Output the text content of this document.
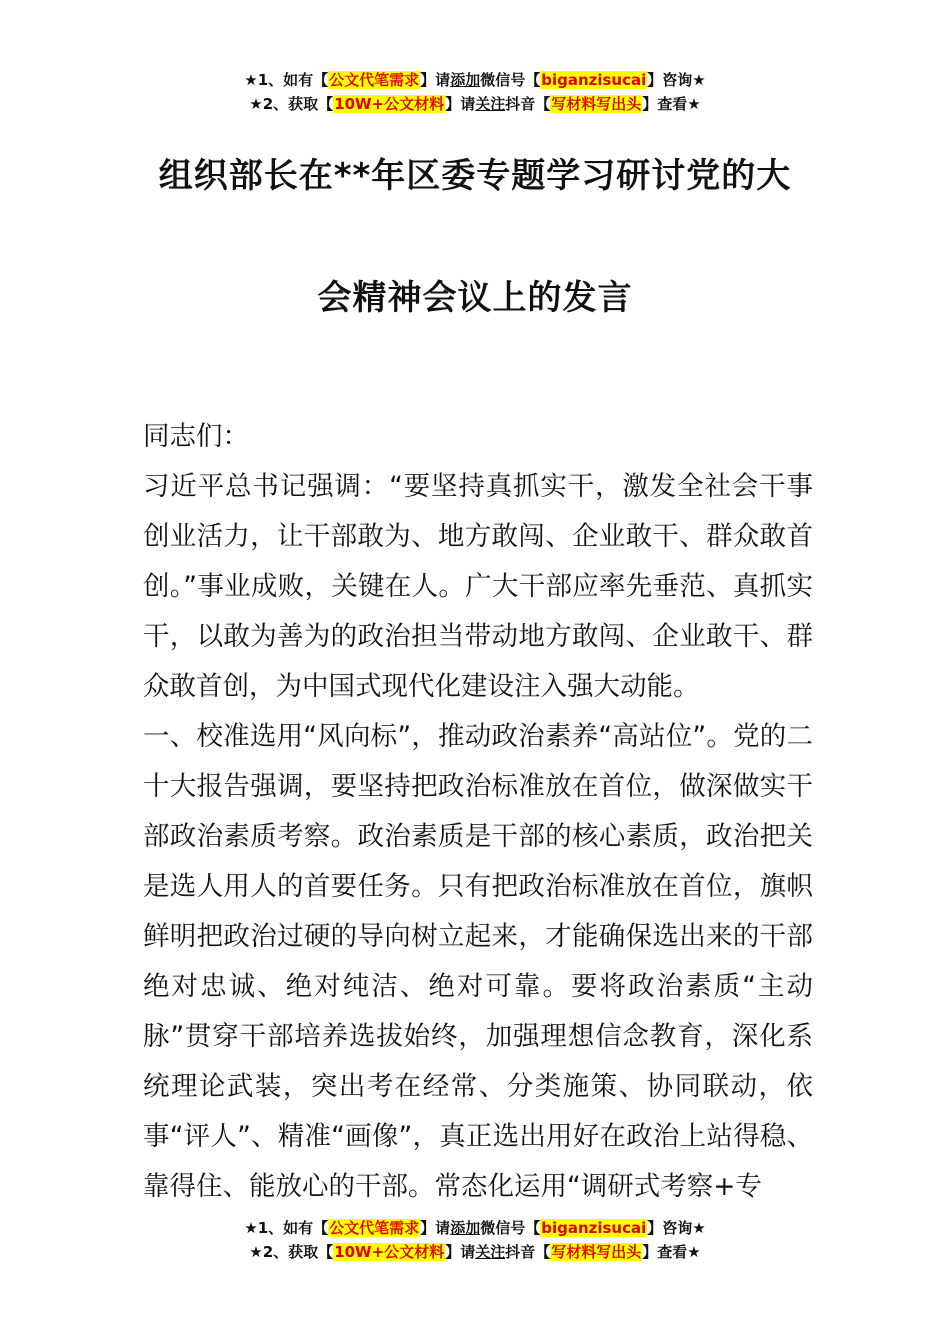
★1、如有【公文代笔需求】请添加微信号【biganzisucai】咨询★
★2、获取【10W+公文材料】请关注抖音【写材料写出头】查看★
组织部长在**年区委专题学习研讨党的大
会精神会议上的发言

同志们：

习近平总书记强调：“要坚持真抓实干，激发全社会干事创业活力，让干部敢为、地方敢闯、企业敢干、群众敢首创。”事业成败，关键在人。广大干部应率先垂范、真抓实干，以敢为善为的政治担当带动地方敢闯、企业敢干、群众敢首创，为中国式现代化建设注入强大动能。

一、校准选用“风向标”，推动政治素养“高站位”。党的二十大报告强调，要坚持把政治标准放在首位，做深做实干部政治素质考察。政治素质是干部的核心素质，政治把关是选人用人的首要任务。只有把政治标准放在首位，旗帜鲜明把政治过硬的导向树立起来，才能确保选出来的干部绝对忠诚、绝对纯洁、绝对可靠。要将政治素质“主动脉”贯穿干部培养选拔始终，加强理想信念教育，深化系统理论武装，突出考在经常、分类施策、协同联动，依事“评人”、精准“画像”，真正选出用好在政治上站得稳、靠得住、能放心的干部。常态化运用“调研式考察+专

★1、如有【公文代笔需求】请添加微信号【biganzisucai】咨询★
★2、获取【10W+公文材料】请关注抖音【写材料写出头】查看★
